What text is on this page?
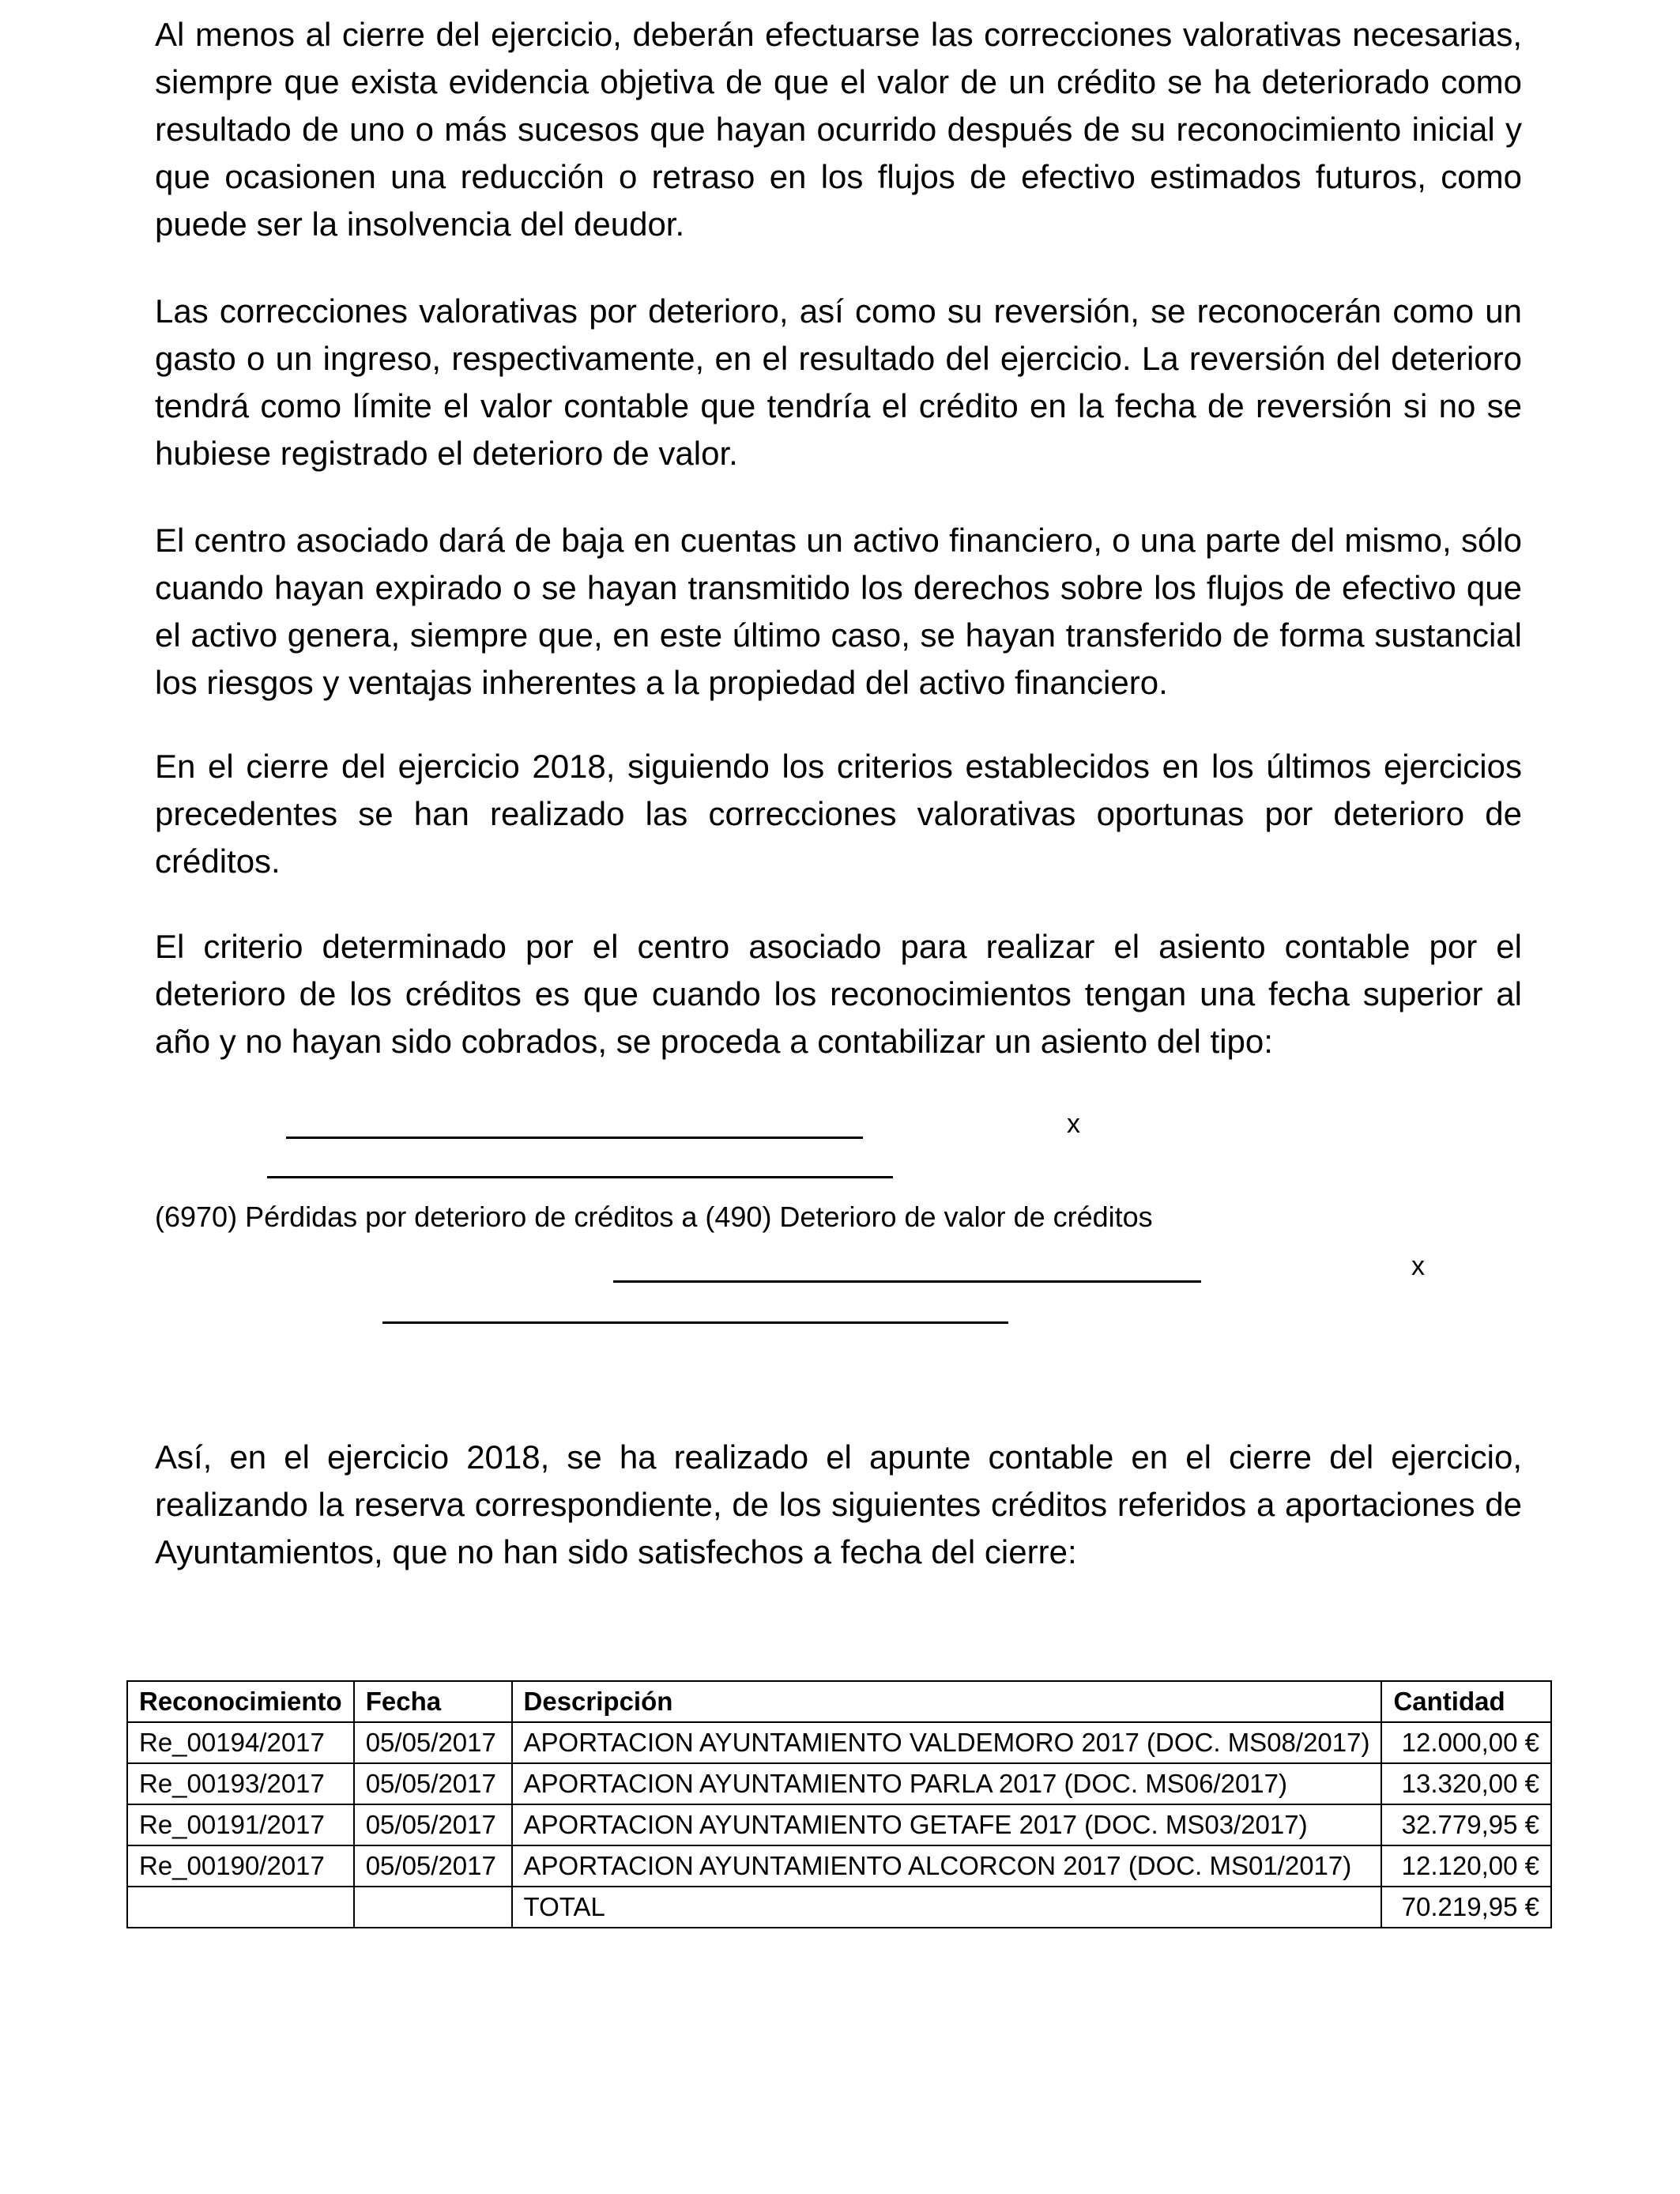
Al menos al cierre del ejercicio, deberán efectuarse las correcciones valorativas necesarias, siempre que exista evidencia objetiva de que el valor de un crédito se ha deteriorado como resultado de uno o más sucesos que hayan ocurrido después de su reconocimiento inicial y que ocasionen una reducción o retraso en los flujos de efectivo estimados futuros, como puede ser la insolvencia del deudor.

Las correcciones valorativas por deterioro, así como su reversión, se reconocerán como un gasto o un ingreso, respectivamente, en el resultado del ejercicio. La reversión del deterioro tendrá como límite el valor contable que tendría el crédito en la fecha de reversión si no se hubiese registrado el deterioro de valor.

El centro asociado dará de baja en cuentas un activo financiero, o una parte del mismo, sólo cuando hayan expirado o se hayan transmitido los derechos sobre los flujos de efectivo que el activo genera, siempre que, en este último caso, se hayan transferido de forma sustancial los riesgos y ventajas inherentes a la propiedad del activo financiero.

En el cierre del ejercicio 2018, siguiendo los criterios establecidos en los últimos ejercicios precedentes se han realizado las correcciones valorativas oportunas por deterioro de créditos.

El criterio determinado por el centro asociado para realizar el asiento contable por el deterioro de los créditos es que cuando los reconocimientos tengan una fecha superior al año y no hayan sido cobrados, se proceda a contabilizar un asiento del tipo:

x
(6970) Pérdidas por deterioro de créditos a (490) Deterioro de valor de créditos
x

Así, en el ejercicio 2018, se ha realizado el apunte contable en el cierre del ejercicio, realizando la reserva correspondiente, de los siguientes créditos referidos a aportaciones de Ayuntamientos, que no han sido satisfechos a fecha del cierre:

Reconocimiento	Fecha	Descripción	Cantidad
Re_00194/2017	05/05/2017	APORTACION AYUNTAMIENTO VALDEMORO 2017 (DOC. MS08/2017)	12.000,00 €
Re_00193/2017	05/05/2017	APORTACION AYUNTAMIENTO PARLA 2017 (DOC. MS06/2017)	13.320,00 €
Re_00191/2017	05/05/2017	APORTACION AYUNTAMIENTO GETAFE 2017 (DOC. MS03/2017)	32.779,95 €
Re_00190/2017	05/05/2017	APORTACION AYUNTAMIENTO ALCORCON 2017 (DOC. MS01/2017)	12.120,00 €
		TOTAL	70.219,95 €
